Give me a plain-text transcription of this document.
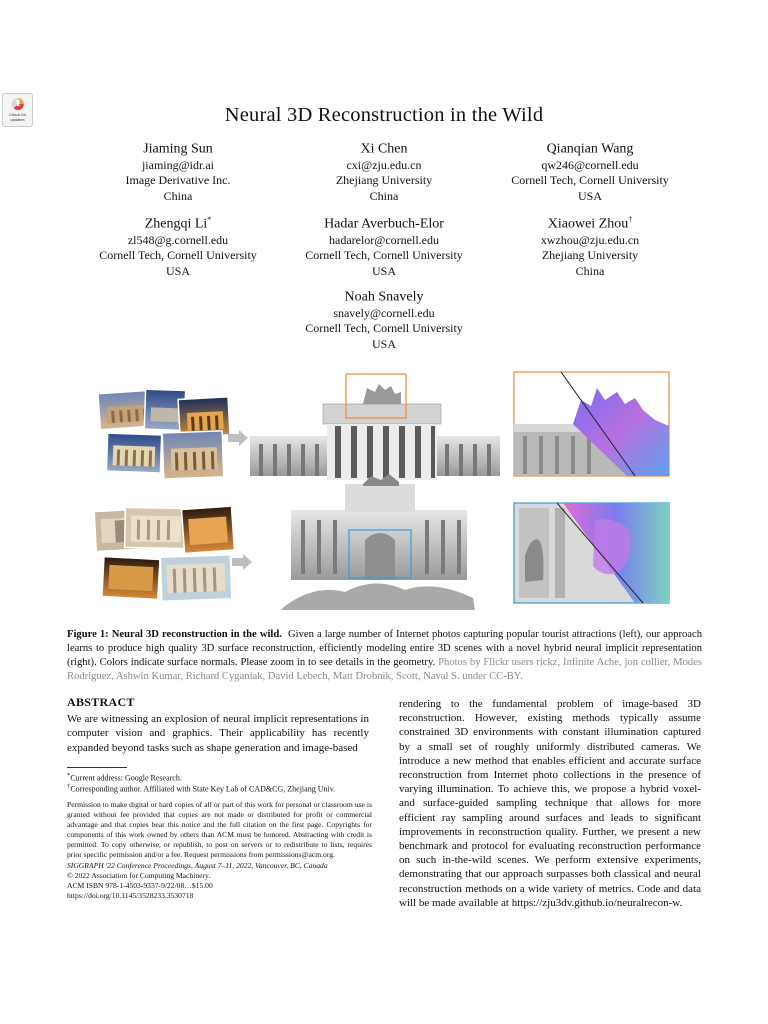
Check for
updates	Neural 3D Reconstruction in the Wild
Jiaming Sun
jiaming@idr.ai
Image Derivative Inc.
China
Xi Chen
cxi@zju.edu.cn
Zhejiang University
China
Qianqian Wang
qw246@cornell.edu
Cornell Tech, Cornell University
USA
Zhengqi Li*
zl548@g.cornell.edu
Cornell Tech, Cornell University
USA
Hadar Averbuch-Elor
hadarelor@cornell.edu
Cornell Tech, Cornell University
USA
Xiaowei Zhou†
xwzhou@zju.edu.cn
Zhejiang University
China
Noah Snavely
snavely@cornell.edu
Cornell Tech, Cornell University
USA

Figure 1: Neural 3D reconstruction in the wild. Given a large number of Internet photos capturing popular tourist attractions (left), our approach learns to produce high quality 3D surface reconstruction, efficiently modeling entire 3D scenes with a novel hybrid neural implicit representation (right). Colors indicate surface normals. Please zoom in to see details in the geometry. Photos by Flickr users rickz, Infinite Ache, jon collier, Modes Rodriguez, Ashwin Kumar, Richard Cyganiak, David Lebech, Matt Drobnik, Scott, Naval S. under CC-BY.

ABSTRACT

We are witnessing an explosion of neural implicit representations in computer vision and graphics. Their applicability has recently expanded beyond tasks such as shape generation and image-based

rendering to the fundamental problem of image-based 3D reconstruction. However, existing methods typically assume constrained 3D environments with constant illumination captured by a small set of roughly uniformly distributed cameras. We introduce a new method that enables efficient and accurate surface reconstruction from Internet photo collections in the presence of varying illumination. To achieve this, we propose a hybrid voxel- and surface-guided sampling technique that allows for more efficient ray sampling around surfaces and leads to significant improvements in reconstruction quality. Further, we present a new benchmark and protocol for evaluating reconstruction performance on such in-the-wild scenes. We perform extensive experiments, demonstrating that our approach surpasses both classical and neural reconstruction methods on a wide variety of metrics. Code and data will be made available at https://zju3dv.github.io/neuralrecon-w.

*Current address: Google Research.
†Corresponding author. Affiliated with State Key Lab of CAD&CG, Zhejiang Univ.
Permission to make digital or hard copies of all or part of this work for personal or classroom use is granted without fee provided that copies are not made or distributed for profit or commercial advantage and that copies bear this notice and the full citation on the first page. Copyrights for components of this work owned by others than ACM must be honored. Abstracting with credit is permitted. To copy otherwise, or republish, to post on servers or to redistribute to lists, requires prior specific permission and/or a fee. Request permissions from permissions@acm.org.
SIGGRAPH '22 Conference Proceedings, August 7–11, 2022, Vancouver, BC, Canada
© 2022 Association for Computing Machinery.
ACM ISBN 978-1-4503-9337-9/22/08…$15.00
https://doi.org/10.1145/3528233.3530718
